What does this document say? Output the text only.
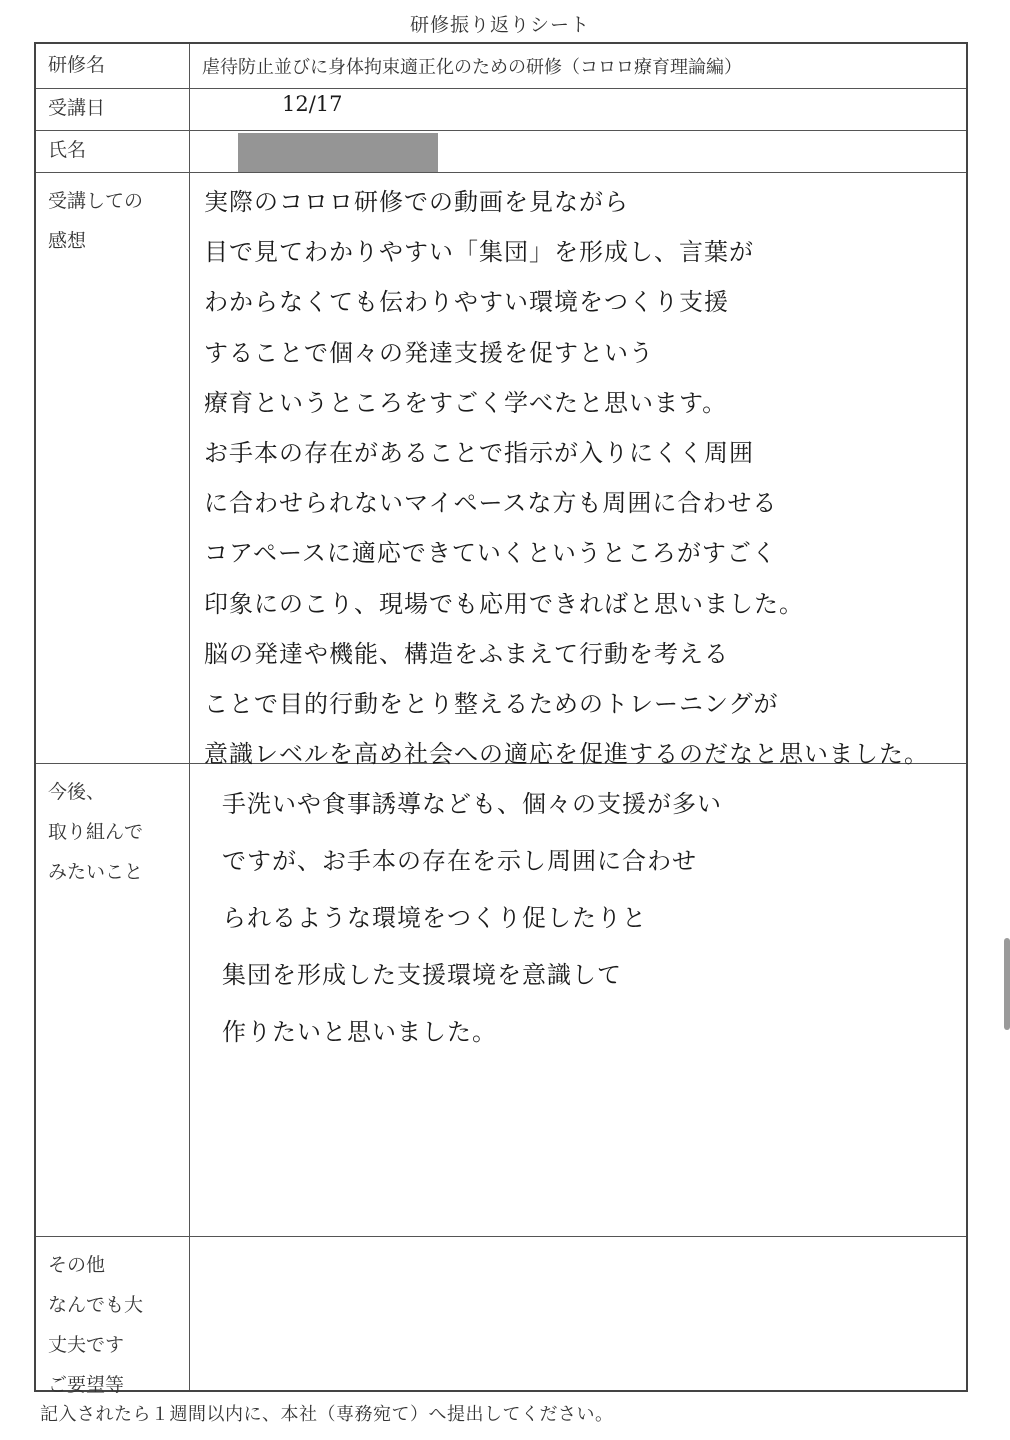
研修振り返りシート
研修名	虐待防止並びに身体拘束適正化のための研修（コロロ療育理論編）
受講日	12/17
氏名
受講しての
感想
実際のコロロ研修での動画を見ながら
目で見てわかりやすい「集団」を形成し、言葉が
わからなくても伝わりやすい環境をつくり支援
することで個々の発達支援を促すという
療育というところをすごく学べたと思います。
お手本の存在があることで指示が入りにくく周囲
に合わせられないマイペースな方も周囲に合わせる
コアペースに適応できていくというところがすごく
印象にのこり、現場でも応用できればと思いました。
脳の発達や機能、構造をふまえて行動を考える
ことで目的行動をとり整えるためのトレーニングが
意識レベルを高め社会への適応を促進するのだなと思いました。
今後、
取り組んで
みたいこと
手洗いや食事誘導なども、個々の支援が多い
ですが、お手本の存在を示し周囲に合わせ
られるような環境をつくり促したりと
集団を形成した支援環境を意識して
作りたいと思いました。
その他
なんでも大
丈夫です
ご要望等
記入されたら１週間以内に、本社（専務宛て）へ提出してください。
